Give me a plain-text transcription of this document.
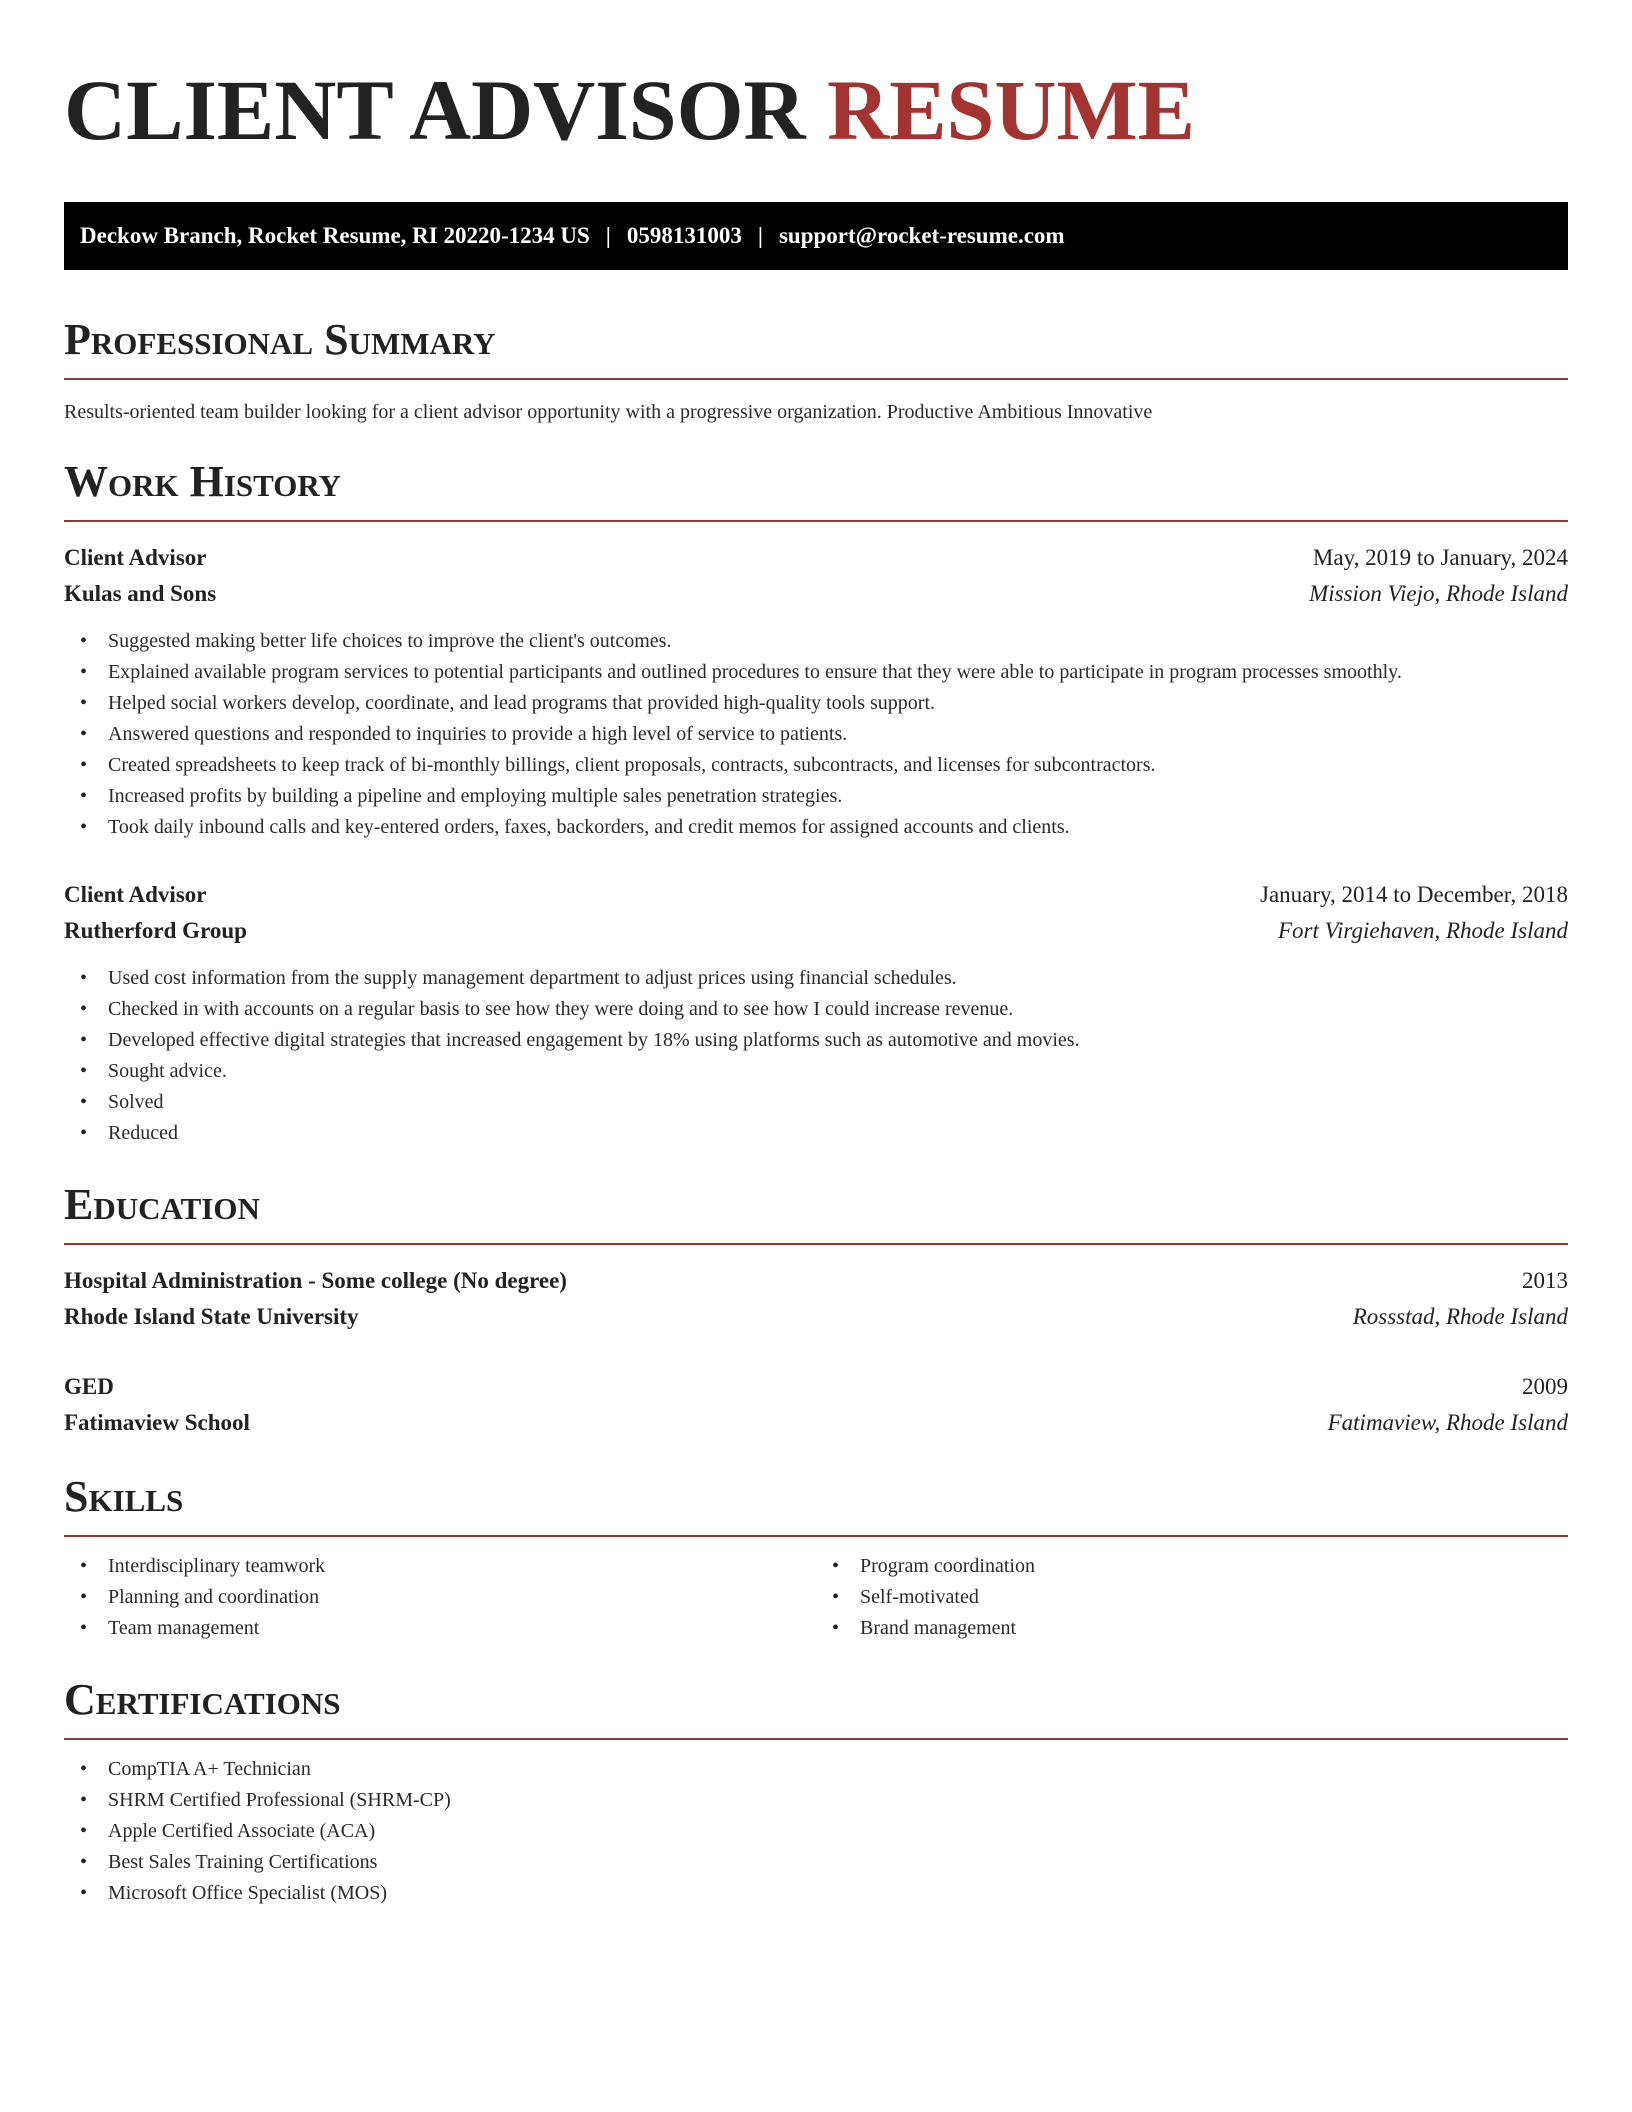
CLIENT ADVISOR RESUME
Deckow Branch, Rocket Resume, RI 20220-1234 US | 0598131003 | support@rocket-resume.com
Professional Summary

Results-oriented team builder looking for a client advisor opportunity with a progressive organization. Productive Ambitious Innovative

Work History
Client Advisor	May, 2019 to January, 2024
Kulas and Sons	Mission Viejo, Rhode Island
• Suggested making better life choices to improve the client's outcomes.
• Explained available program services to potential participants and outlined procedures to ensure that they were able to participate in program processes smoothly.
• Helped social workers develop, coordinate, and lead programs that provided high-quality tools support.
• Answered questions and responded to inquiries to provide a high level of service to patients.
• Created spreadsheets to keep track of bi-monthly billings, client proposals, contracts, subcontracts, and licenses for subcontractors.
• Increased profits by building a pipeline and employing multiple sales penetration strategies.
• Took daily inbound calls and key-entered orders, faxes, backorders, and credit memos for assigned accounts and clients.
Client Advisor	January, 2014 to December, 2018
Rutherford Group	Fort Virgiehaven, Rhode Island
• Used cost information from the supply management department to adjust prices using financial schedules.
• Checked in with accounts on a regular basis to see how they were doing and to see how I could increase revenue.
• Developed effective digital strategies that increased engagement by 18% using platforms such as automotive and movies.
• Sought advice.
• Solved
• Reduced
Education
Hospital Administration - Some college (No degree)	2013
Rhode Island State University	Rossstad, Rhode Island
GED	2009
Fatimaview School	Fatimaview, Rhode Island
Skills
• Interdisciplinary teamwork
• Planning and coordination
• Team management
• Program coordination
• Self-motivated
• Brand management
Certifications
• CompTIA A+ Technician
• SHRM Certified Professional (SHRM-CP)
• Apple Certified Associate (ACA)
• Best Sales Training Certifications
• Microsoft Office Specialist (MOS)
